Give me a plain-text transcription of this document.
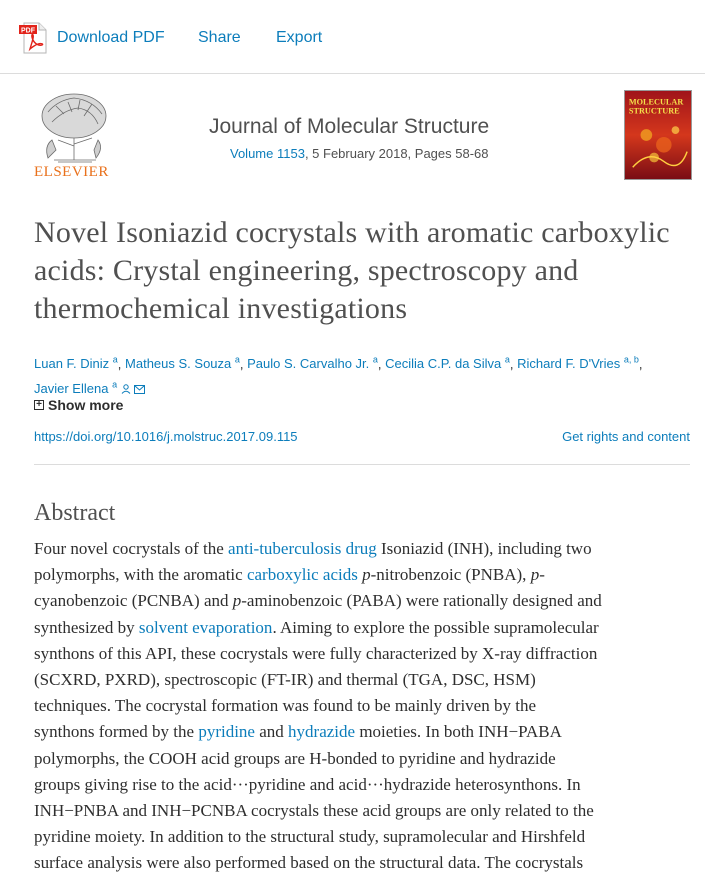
PDF Download PDF Share Export
ELSEVIER
Journal of Molecular Structure
Volume 1153, 5 February 2018, Pages 58-68
MOLECULAR
STRUCTURE
Novel Isoniazid cocrystals with aromatic carboxylic acids: Crystal engineering, spectroscopy and thermochemical investigations
Luan F. Diniz $^a$, Matheus S. Souza $^a$, Paulo S. Carvalho Jr. $^a$, Cecilia C.P. da Silva $^a$, Richard F. D'Vries $^{a, b}$,
Javier Ellena $^a$
+ Show more
https://doi.org/10.1016/j.molstruc.2017.09.115	Get rights and content
Abstract
Four novel cocrystals of the anti-tuberculosis drug Isoniazid (INH), including two
polymorphs, with the aromatic carboxylic acids p-nitrobenzoic (PNBA), p-
cyanobenzoic (PCNBA) and p-aminobenzoic (PABA) were rationally designed and
synthesized by solvent evaporation. Aiming to explore the possible supramolecular
synthons of this API, these cocrystals were fully characterized by X-ray diffraction
(SCXRD, PXRD), spectroscopic (FT-IR) and thermal (TGA, DSC, HSM)
techniques. The cocrystal formation was found to be mainly driven by the
synthons formed by the pyridine and hydrazide moieties. In both INH−PABA
polymorphs, the COOH acid groups are H-bonded to pyridine and hydrazide
groups giving rise to the acid···pyridine and acid···hydrazide heterosynthons. In
INH−PNBA and INH−PCNBA cocrystals these acid groups are only related to the
pyridine moiety. In addition to the structural study, supramolecular and Hirshfeld
surface analysis were also performed based on the structural data. The cocrystals
